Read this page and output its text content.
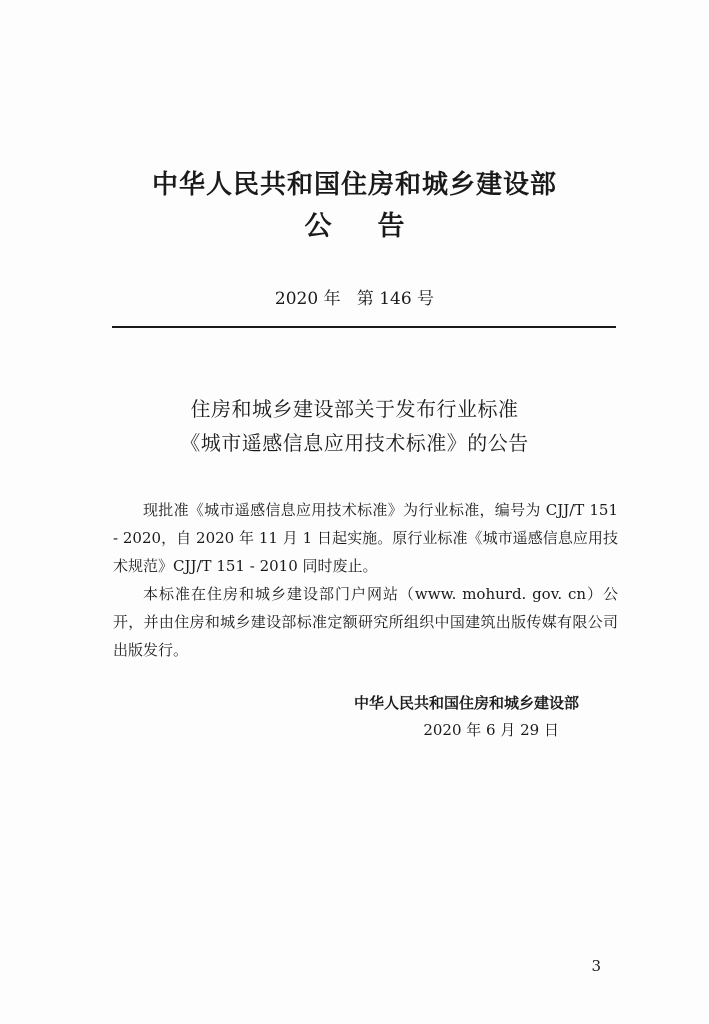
中华人民共和国住房和城乡建设部
公 告
2020 年   第 146 号
住房和城乡建设部关于发布行业标准
《城市遥感信息应用技术标准》的公告

现批准《城市遥感信息应用技术标准》为行业标准，编号为 CJJ/T 151 - 2020，自 2020 年 11 月 1 日起实施。原行业标准《城市遥感信息应用技术规范》CJJ/T 151 - 2010 同时废止。

本标准在住房和城乡建设部门户网站（www. mohurd. gov. cn）公开，并由住房和城乡建设部标准定额研究所组织中国建筑出版传媒有限公司出版发行。

中华人民共和国住房和城乡建设部
2020 年 6 月 29 日
3
